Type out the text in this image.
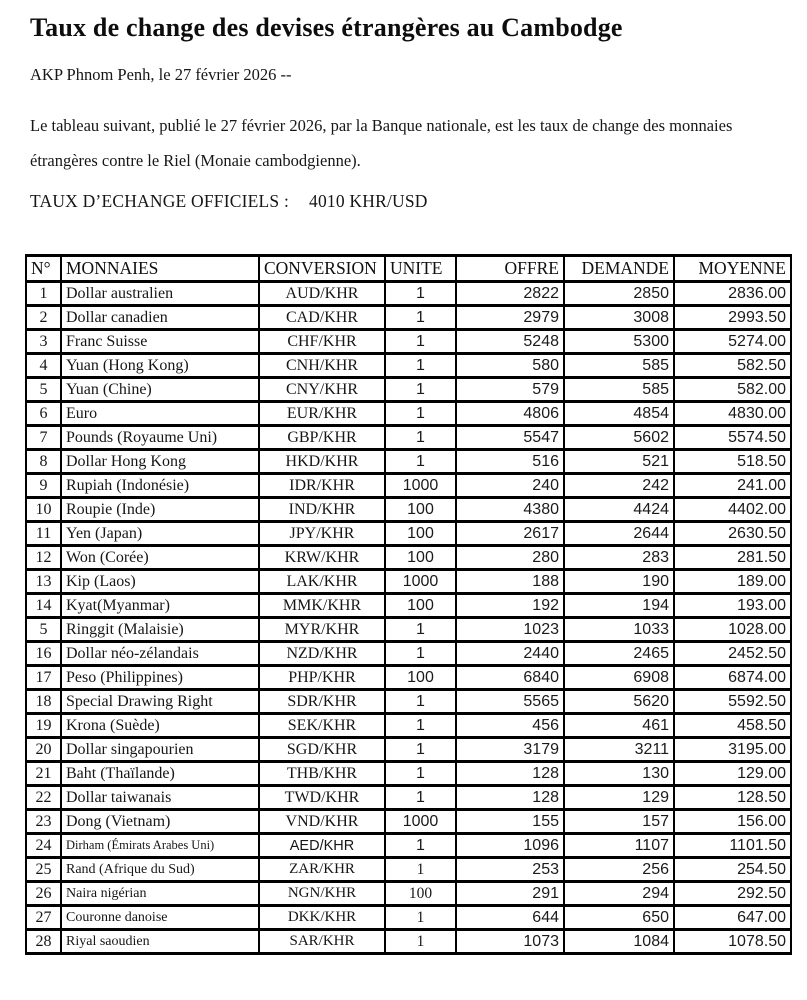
Taux de change des devises étrangères au Cambodge

AKP Phnom Penh, le 27 février 2026 --

Le tableau suivant, publié le 27 février 2026, par la Banque nationale, est les taux de change des monnaies étrangères contre le Riel (Monaie cambodgienne).

TAUX D’ECHANGE OFFICIELS : 4010 KHR/USD

N°	MONNAIES	CONVERSION	UNITE	OFFRE	DEMANDE	MOYENNE
1	Dollar australien	AUD/KHR	1	2822	2850	2836.00
2	Dollar canadien	CAD/KHR	1	2979	3008	2993.50
3	Franc Suisse	CHF/KHR	1	5248	5300	5274.00
4	Yuan (Hong Kong)	CNH/KHR	1	580	585	582.50
5	Yuan (Chine)	CNY/KHR	1	579	585	582.00
6	Euro	EUR/KHR	1	4806	4854	4830.00
7	Pounds (Royaume Uni)	GBP/KHR	1	5547	5602	5574.50
8	Dollar Hong Kong	HKD/KHR	1	516	521	518.50
9	Rupiah (Indonésie)	IDR/KHR	1000	240	242	241.00
10	Roupie (Inde)	IND/KHR	100	4380	4424	4402.00
11	Yen (Japan)	JPY/KHR	100	2617	2644	2630.50
12	Won (Corée)	KRW/KHR	100	280	283	281.50
13	Kip (Laos)	LAK/KHR	1000	188	190	189.00
14	Kyat(Myanmar)	MMK/KHR	100	192	194	193.00
5	Ringgit (Malaisie)	MYR/KHR	1	1023	1033	1028.00
16	Dollar néo-zélandais	NZD/KHR	1	2440	2465	2452.50
17	Peso (Philippines)	PHP/KHR	100	6840	6908	6874.00
18	Special Drawing Right	SDR/KHR	1	5565	5620	5592.50
19	Krona (Suède)	SEK/KHR	1	456	461	458.50
20	Dollar singapourien	SGD/KHR	1	3179	3211	3195.00
21	Baht (Thaïlande)	THB/KHR	1	128	130	129.00
22	Dollar taiwanais	TWD/KHR	1	128	129	128.50
23	Dong (Vietnam)	VND/KHR	1000	155	157	156.00
24	Dirham (Émirats Arabes Uni)	AED/KHR	1	1096	1107	1101.50
25	Rand (Afrique du Sud)	ZAR/KHR	1	253	256	254.50
26	Naira nigérian	NGN/KHR	100	291	294	292.50
27	Couronne danoise	DKK/KHR	1	644	650	647.00
28	Riyal saoudien	SAR/KHR	1	1073	1084	1078.50
